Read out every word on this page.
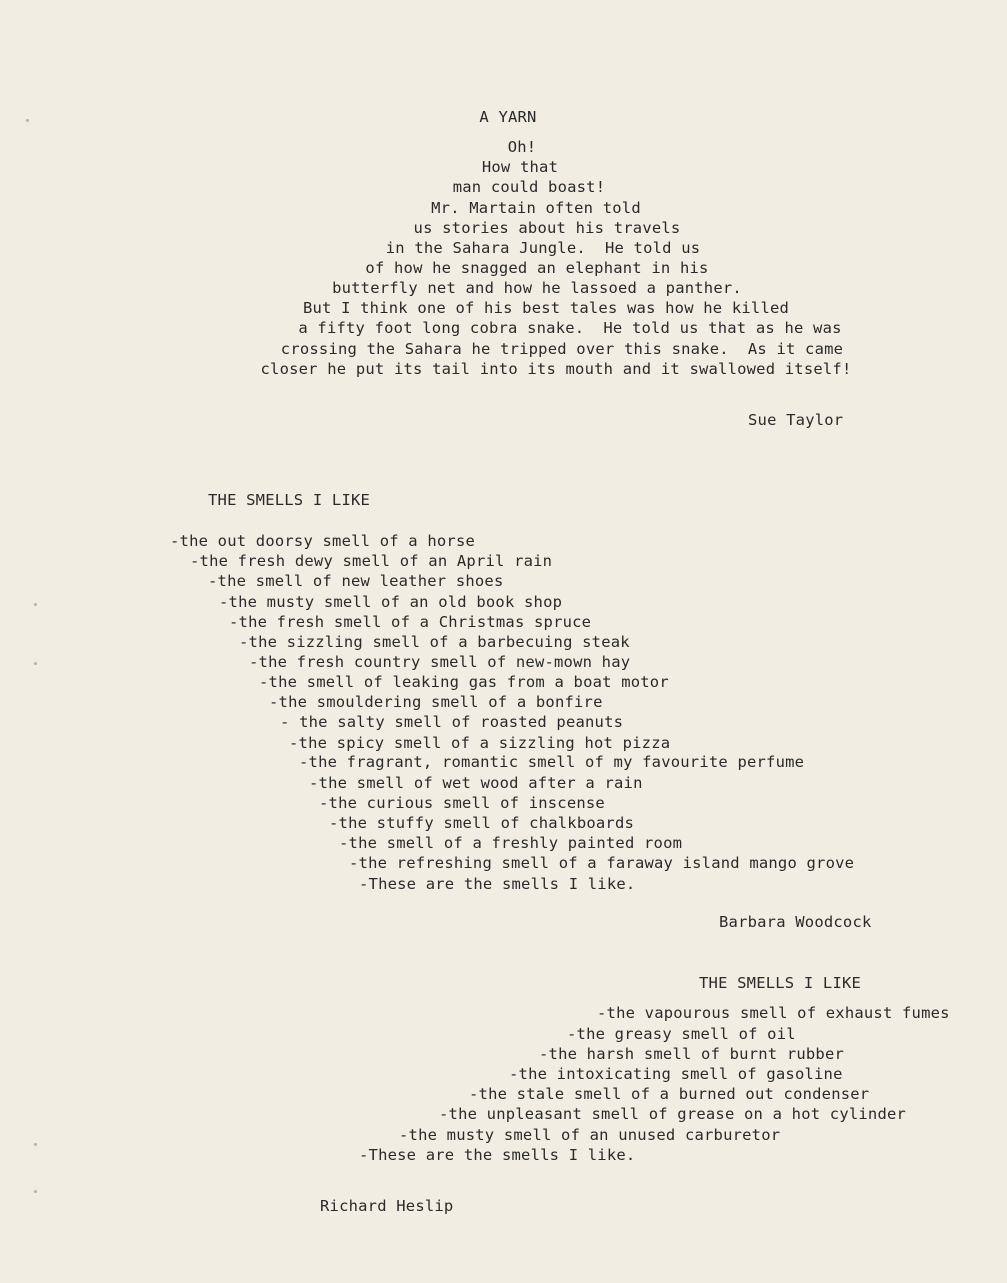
A YARN
Oh!
How that
man could boast!
Mr. Martain often told
us stories about his travels
in the Sahara Jungle.  He told us
of how he snagged an elephant in his
butterfly net and how he lassoed a panther.
But I think one of his best tales was how he killed
a fifty foot long cobra snake.  He told us that as he was
crossing the Sahara he tripped over this snake.  As it came
closer he put its tail into its mouth and it swallowed itself!
Sue Taylor
THE SMELLS I LIKE
-the out doorsy smell of a horse
-the fresh dewy smell of an April rain
-the smell of new leather shoes
-the musty smell of an old book shop
-the fresh smell of a Christmas spruce
-the sizzling smell of a barbecuing steak
-the fresh country smell of new-mown hay
-the smell of leaking gas from a boat motor
-the smouldering smell of a bonfire
- the salty smell of roasted peanuts
-the spicy smell of a sizzling hot pizza
-the fragrant, romantic smell of my favourite perfume
-the smell of wet wood after a rain
-the curious smell of inscense
-the stuffy smell of chalkboards
-the smell of a freshly painted room
-the refreshing smell of a faraway island mango grove
-These are the smells I like.
Barbara Woodcock
THE SMELLS I LIKE
-the vapourous smell of exhaust fumes
-the greasy smell of oil
-the harsh smell of burnt rubber
-the intoxicating smell of gasoline
-the stale smell of a burned out condenser
-the unpleasant smell of grease on a hot cylinder
-the musty smell of an unused carburetor
-These are the smells I like.
Richard Heslip
